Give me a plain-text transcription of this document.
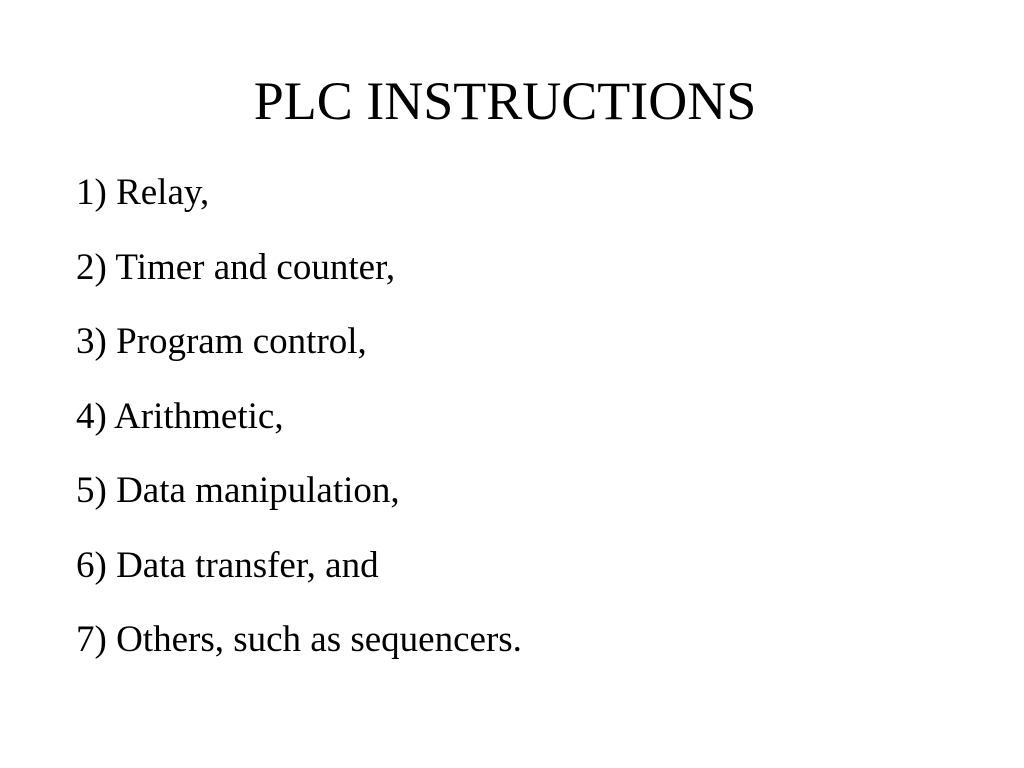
PLC INSTRUCTIONS
1) Relay,
2) Timer and counter,
3) Program control,
4) Arithmetic,
5) Data manipulation,
6) Data transfer, and
7) Others, such as sequencers.
